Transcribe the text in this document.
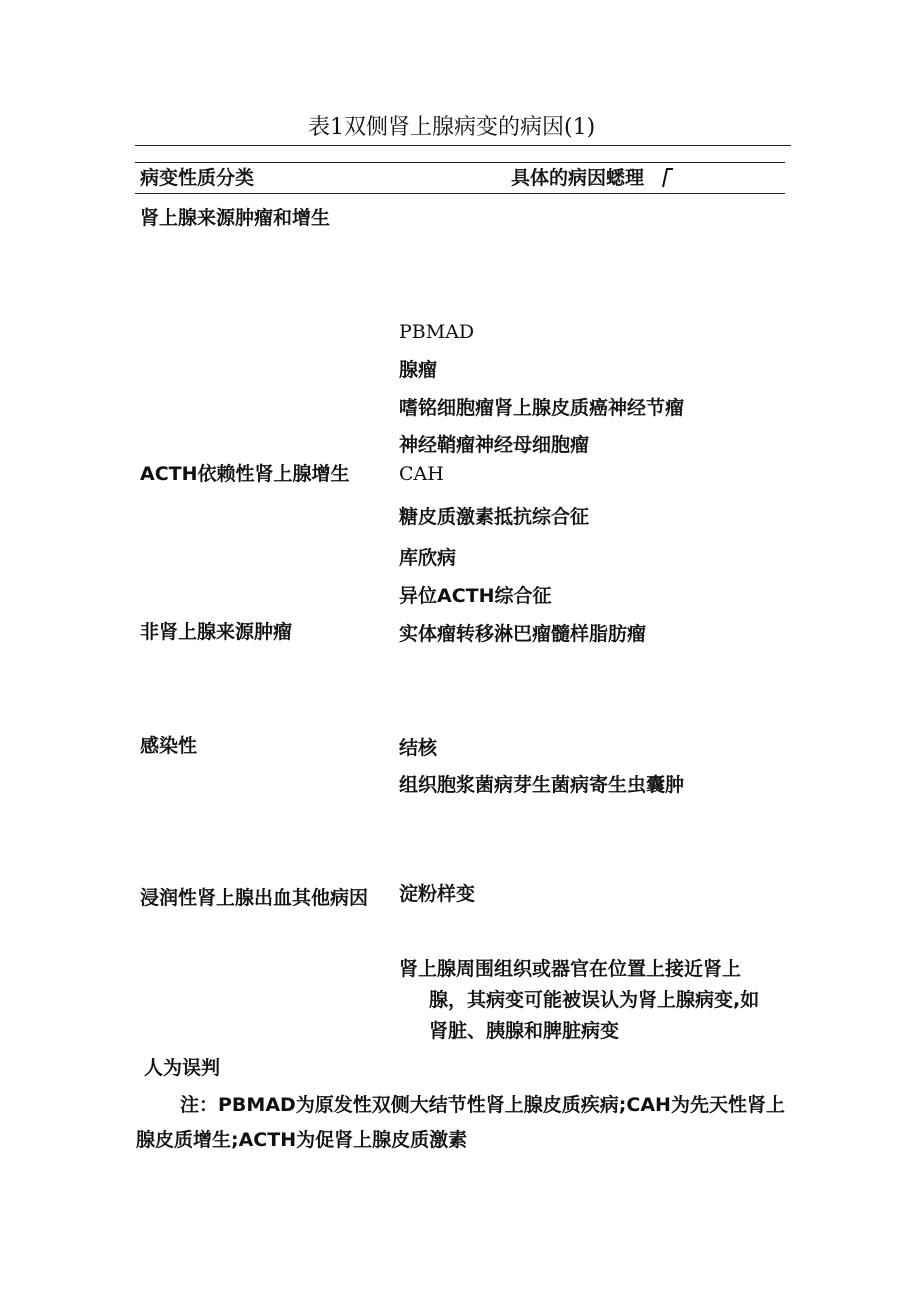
表1双侧肾上腺病变的病因(1)
病变性质分类	具体的病因蟋理
肾上腺来源肿瘤和增生
ACTH依赖性肾上腺增生
非肾上腺来源肿瘤
感染性
浸润性肾上腺出血其他病因
人为误判
PBMAD
腺瘤
嗜铭细胞瘤肾上腺皮质癌神经节瘤
神经鞘瘤神经母细胞瘤
CAH
糖皮质激素抵抗综合征
库欣病
异位ACTH综合征
实体瘤转移淋巴瘤髓样脂肪瘤
结核
组织胞浆菌病芽生菌病寄生虫囊肿
淀粉样变
肾上腺周围组织或器官在位置上接近肾上
腺，其病变可能被误认为肾上腺病变,如
肾脏、胰腺和脾脏病变
注：PBMAD为原发性双侧大结节性肾上腺皮质疾病;CAH为先天性肾上
腺皮质增生;ACTH为促肾上腺皮质激素
